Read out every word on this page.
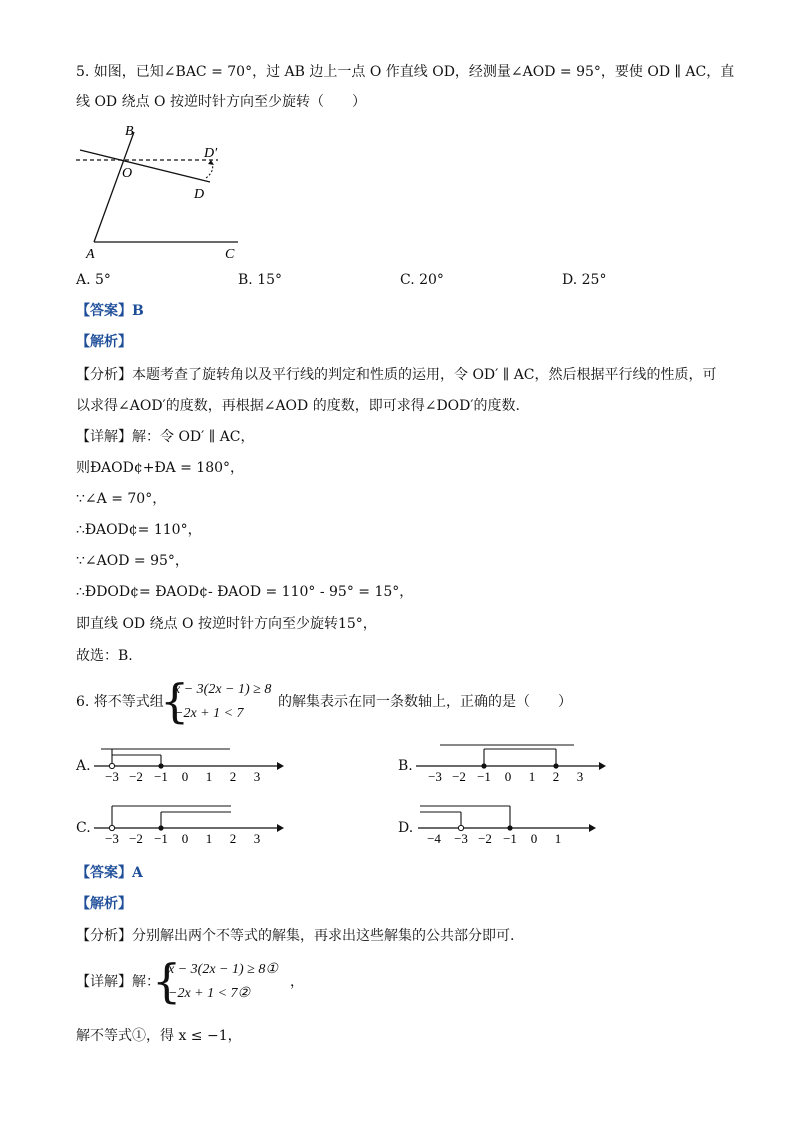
5. 如图，已知∠BAC = 70°，过 AB 边上一点 O 作直线 OD，经测量∠AOD = 95°，要使 OD ∥ AC，直
线 OD 绕点 O 按逆时针方向至少旋转（　　）
B
O
D′
D
A	C
A. 5°	B. 15°	C. 20°	D. 25°
【答案】B
【解析】
【分析】本题考查了旋转角以及平行线的判定和性质的运用，令 OD′ ∥ AC，然后根据平行线的性质，可
以求得∠AOD′的度数，再根据∠AOD 的度数，即可求得∠DOD′的度数.
【详解】解：令 OD′ ∥ AC，
则ÐAOD¢+ÐA = 180°，
∵∠A = 70°，
∴ÐAOD¢= 110°，
∵∠AOD = 95°，
∴ÐDOD¢= ÐAOD¢- ÐAOD = 110° - 95° = 15°，
即直线 OD 绕点 O 按逆时针方向至少旋转15°，
故选：B.
6. 将不等式组
{
x − 3(2x − 1) ≥ 8
−2x + 1 < 7
的解集表示在同一条数轴上，正确的是（　　）
A.
−3 −2 −1 0 1 2 3
B.
−3 −2 −1 0 1 2 3
C.
−3 −2 −1 0 1 2 3
D.
−4 −3 −2 −1 0 1
【答案】A
【解析】
【分析】分别解出两个不等式的解集，再求出这些解集的公共部分即可.
【详解】解：
{
x − 3(2x − 1) ≥ 8①
−2x + 1 < 7②
，
解不等式①，得 x ≤ −1，
